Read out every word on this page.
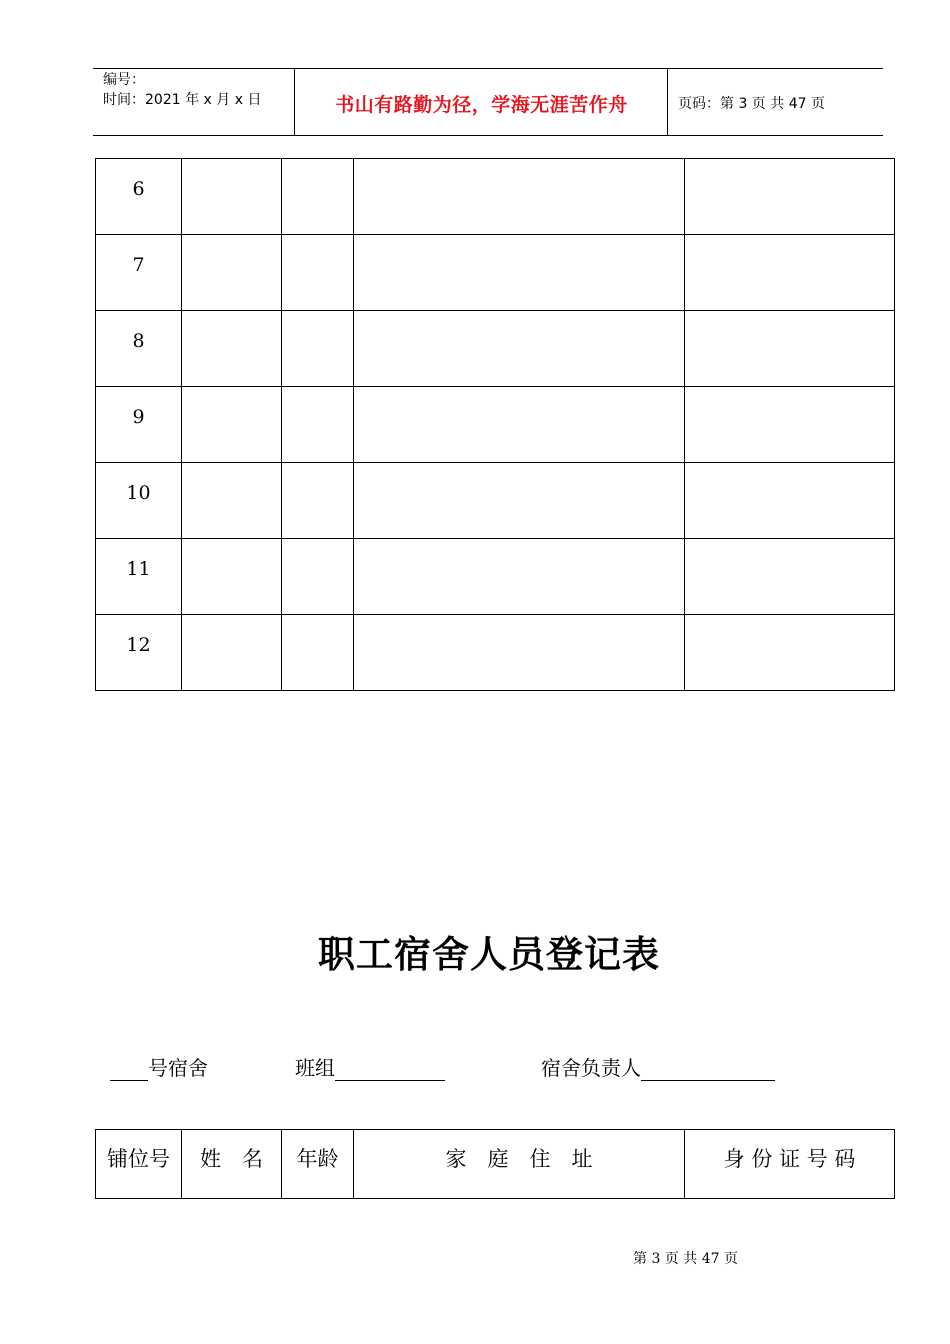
编号：
时间：2021 年 x 月 x 日	书山有路勤为径，学海无涯苦作舟	页码：第 3 页 共 47 页
6				
7				
8				
9				
10				
11				
12				
职工宿舍人员登记表
号宿舍	班组	宿舍负责人
铺位号	姓　名	年龄	家　庭　住　址	身 份 证 号 码
第 3 页 共 47 页
